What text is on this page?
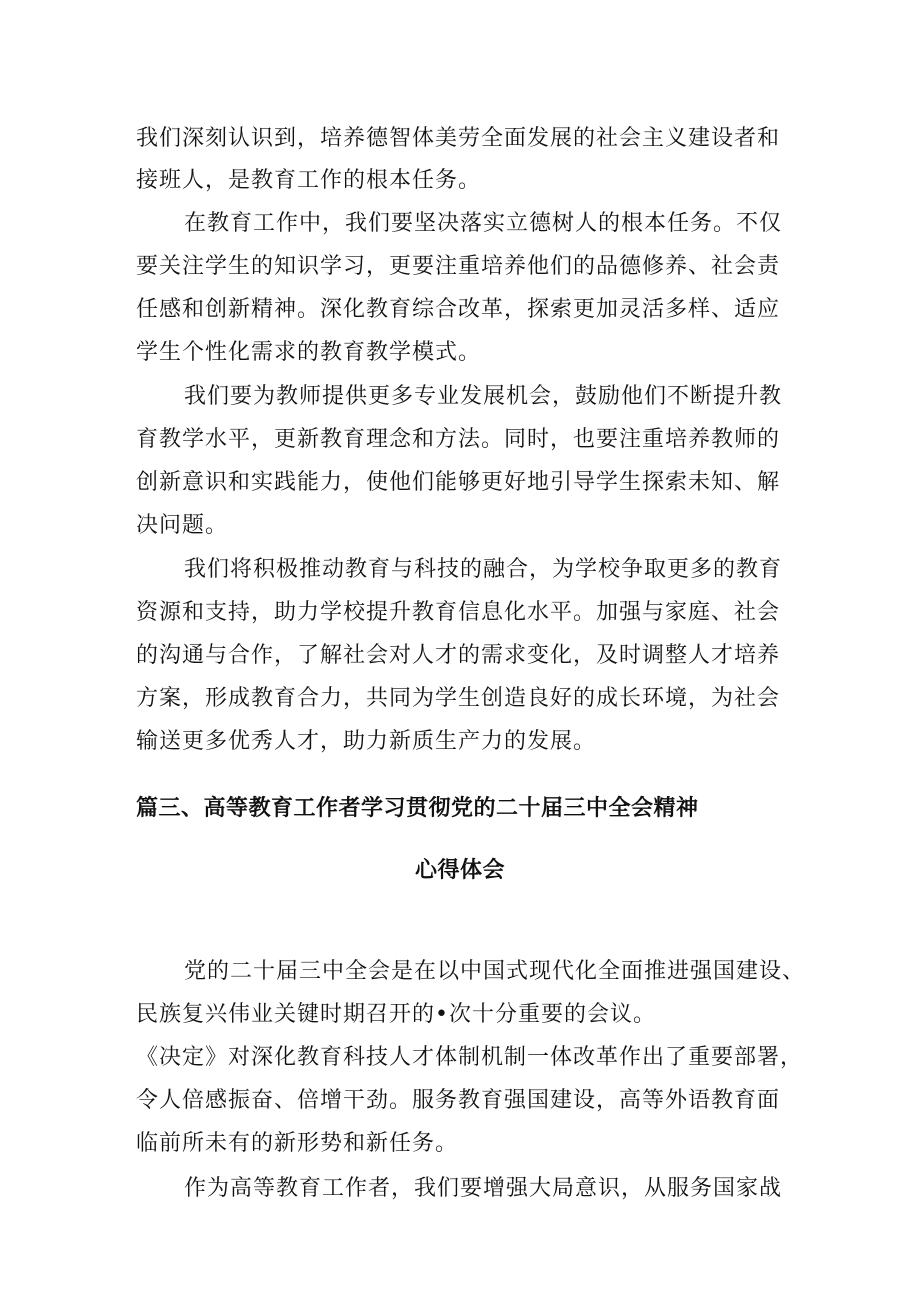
我们深刻认识到，培养德智体美劳全面发展的社会主义建设者和
接班人，是教育工作的根本任务。
在教育工作中，我们要坚决落实立德树人的根本任务。不仅
要关注学生的知识学习，更要注重培养他们的品德修养、社会责
任感和创新精神。深化教育综合改革，探索更加灵活多样、适应
学生个性化需求的教育教学模式。
我们要为教师提供更多专业发展机会，鼓励他们不断提升教
育教学水平，更新教育理念和方法。同时，也要注重培养教师的
创新意识和实践能力，使他们能够更好地引导学生探索未知、解
决问题。
我们将积极推动教育与科技的融合，为学校争取更多的教育
资源和支持，助力学校提升教育信息化水平。加强与家庭、社会
的沟通与合作，了解社会对人才的需求变化，及时调整人才培养
方案，形成教育合力，共同为学生创造良好的成长环境，为社会
输送更多优秀人才，助力新质生产力的发展。
篇三、高等教育工作者学习贯彻党的二十届三中全会精神
心得体会
党的二十届三中全会是在以中国式现代化全面推进强国建设、
民族复兴伟业关键时期召开的•次十分重要的会议。
《决定》对深化教育科技人才体制机制一体改革作出了重要部署，
令人倍感振奋、倍增干劲。服务教育强国建设，高等外语教育面
临前所未有的新形势和新任务。
作为高等教育工作者，我们要增强大局意识，从服务国家战
